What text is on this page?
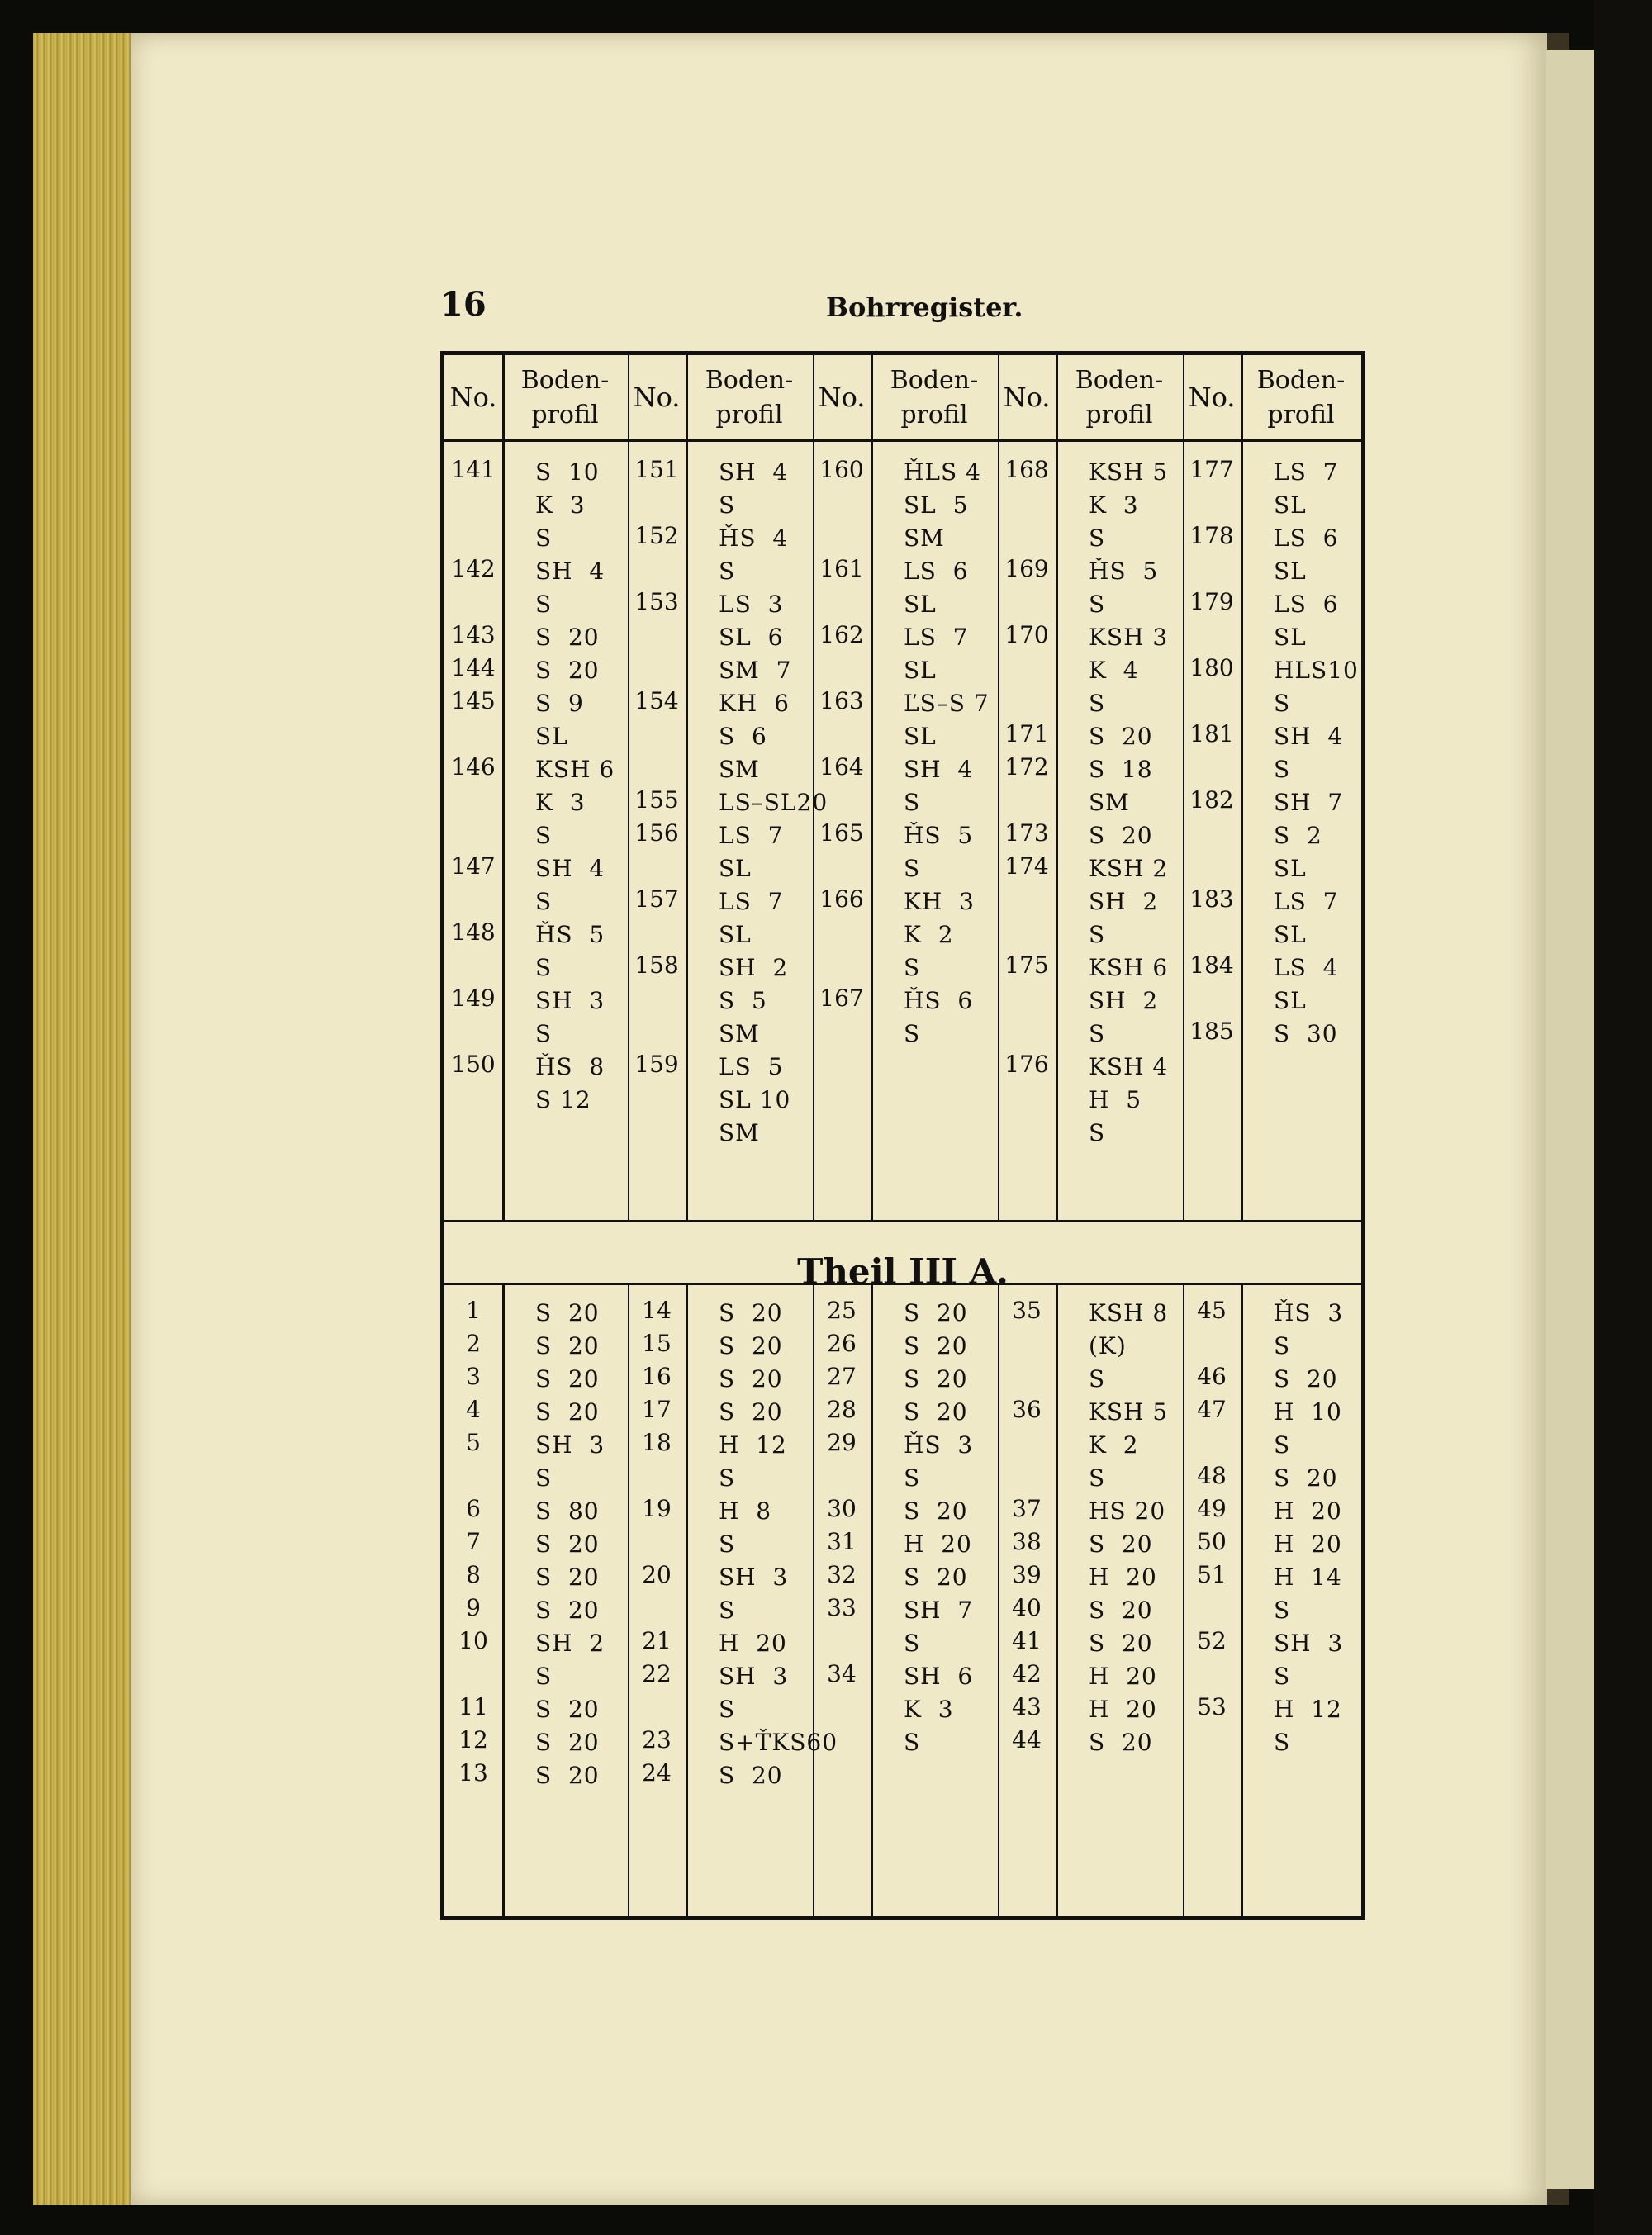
16	Bohrregister.
No.
Boden-
profil
No.
Boden-
profil
No.
Boden-
profil
No.
Boden-
profil
No.
Boden-
profil
Theil III A.
141 S  10
K  3
S
142 SH  4
S
143 S  20
144 S  20
145 S  9
SL
146 KSH 6
K  3
S
147 SH  4
S
148 ȞS  5
S
149 SH  3
S
150 ȞS  8
S 12
151 SH  4
S
152 ȞS  4
S
153 LS  3
SL  6
SM  7
154 KH  6
S  6
SM
155 LS–SL20
156 LS  7
SL
157 LS  7
SL
158 SH  2
S  5
SM
159 LS  5
SL 10
SM
160 ȞLS 4
SL  5
SM
161 LS  6
SL
162 LS  7
SL
163 ĽS–S 7
SL
164 SH  4
S
165 ȞS  5
S
166 KH  3
K  2
S
167 ȞS  6
S
168 KSH 5
K  3
S
169 ȞS  5
S
170 KSH 3
K  4
S
171 S  20
172 S  18
SM
173 S  20
174 KSH 2
SH  2
S
175 KSH 6
SH  2
S
176 KSH 4
H  5
S
177 LS  7
SL
178 LS  6
SL
179 LS  6
SL
180 HLS10
S
181 SH  4
S
182 SH  7
S  2
SL
183 LS  7
SL
184 LS  4
SL
185 S  30
1	S  20
2	S  20
3	S  20
4	S  20
5	SH  3
S
6	S  80
7	S  20
8	S  20
9	S  20
10	SH  2
S
11	S  20
12	S  20
13	S  20
14	S  20
15	S  20
16	S  20
17	S  20
18	H  12
S
19	H  8
S
20	SH  3
S
21	H  20
22	SH  3
S
23	S+ŤKS60
24	S  20
25	S  20
26	S  20
27	S  20
28	S  20
29	ȞS  3
S
30	S  20
31	H  20
32	S  20
33	SH  7
S
34	SH  6
K  3
S
35	KSH 8
(K)
S
36	KSH 5
K  2
S
37	HS 20
38	S  20
39	H  20
40	S  20
41	S  20
42	H  20
43	H  20
44	S  20
45	ȞS  3
S
46	S  20
47	H  10
S
48	S  20
49	H  20
50	H  20
51	H  14
S
52	SH  3
S
53	H  12
S
